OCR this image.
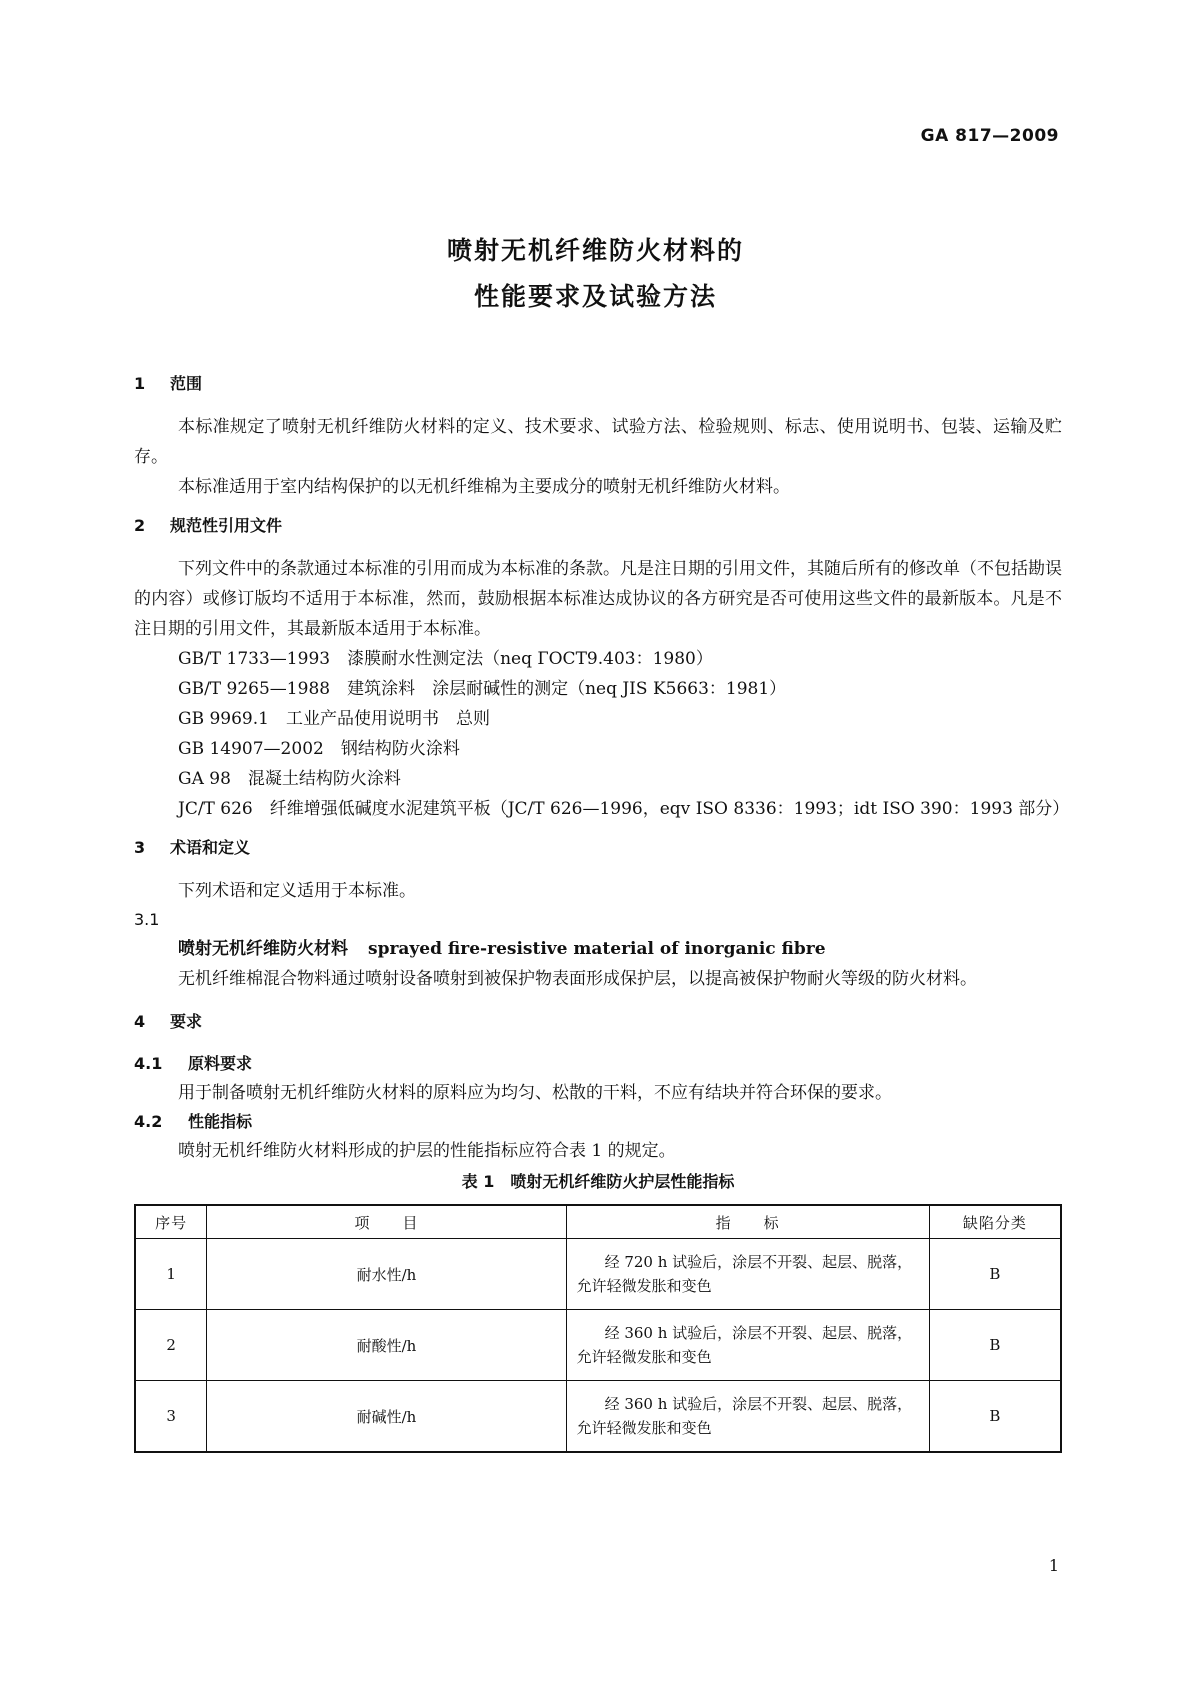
GA 817—2009
喷射无机纤维防火材料的
性能要求及试验方法
1 范围

本标准规定了喷射无机纤维防火材料的定义、技术要求、试验方法、检验规则、标志、使用说明书、包装、运输及贮存。

本标准适用于室内结构保护的以无机纤维棉为主要成分的喷射无机纤维防火材料。

2 规范性引用文件

下列文件中的条款通过本标准的引用而成为本标准的条款。凡是注日期的引用文件，其随后所有的修改单（不包括勘误的内容）或修订版均不适用于本标准，然而，鼓励根据本标准达成协议的各方研究是否可使用这些文件的最新版本。凡是不注日期的引用文件，其最新版本适用于本标准。

GB/T 1733—1993　漆膜耐水性测定法（neq ГОСТ9.403：1980）

GB/T 9265—1988　建筑涂料　涂层耐碱性的测定（neq JIS K5663：1981）

GB 9969.1　工业产品使用说明书　总则

GB 14907—2002　钢结构防火涂料

GA 98　混凝土结构防火涂料

JC/T 626　纤维增强低碱度水泥建筑平板（JC/T 626—1996，eqv ISO 8336：1993；idt ISO 390：1993 部分）

3 术语和定义

下列术语和定义适用于本标准。

3.1
喷射无机纤维防火材料 sprayed fire-resistive material of inorganic fibre

无机纤维棉混合物料通过喷射设备喷射到被保护物表面形成保护层，以提高被保护物耐火等级的防火材料。

4 要求
4.1 原料要求

用于制备喷射无机纤维防火材料的原料应为均匀、松散的干料，不应有结块并符合环保的要求。

4.2 性能指标

喷射无机纤维防火材料形成的护层的性能指标应符合表 1 的规定。

表 1　喷射无机纤维防火护层性能指标
序号	项　　目	指　　标	缺陷分类
1	耐水性/h	经 720 h 试验后，涂层不开裂、起层、脱落，
允许轻微发胀和变色	B
2	耐酸性/h	经 360 h 试验后，涂层不开裂、起层、脱落，
允许轻微发胀和变色	B
3	耐碱性/h	经 360 h 试验后，涂层不开裂、起层、脱落，
允许轻微发胀和变色	B
1
